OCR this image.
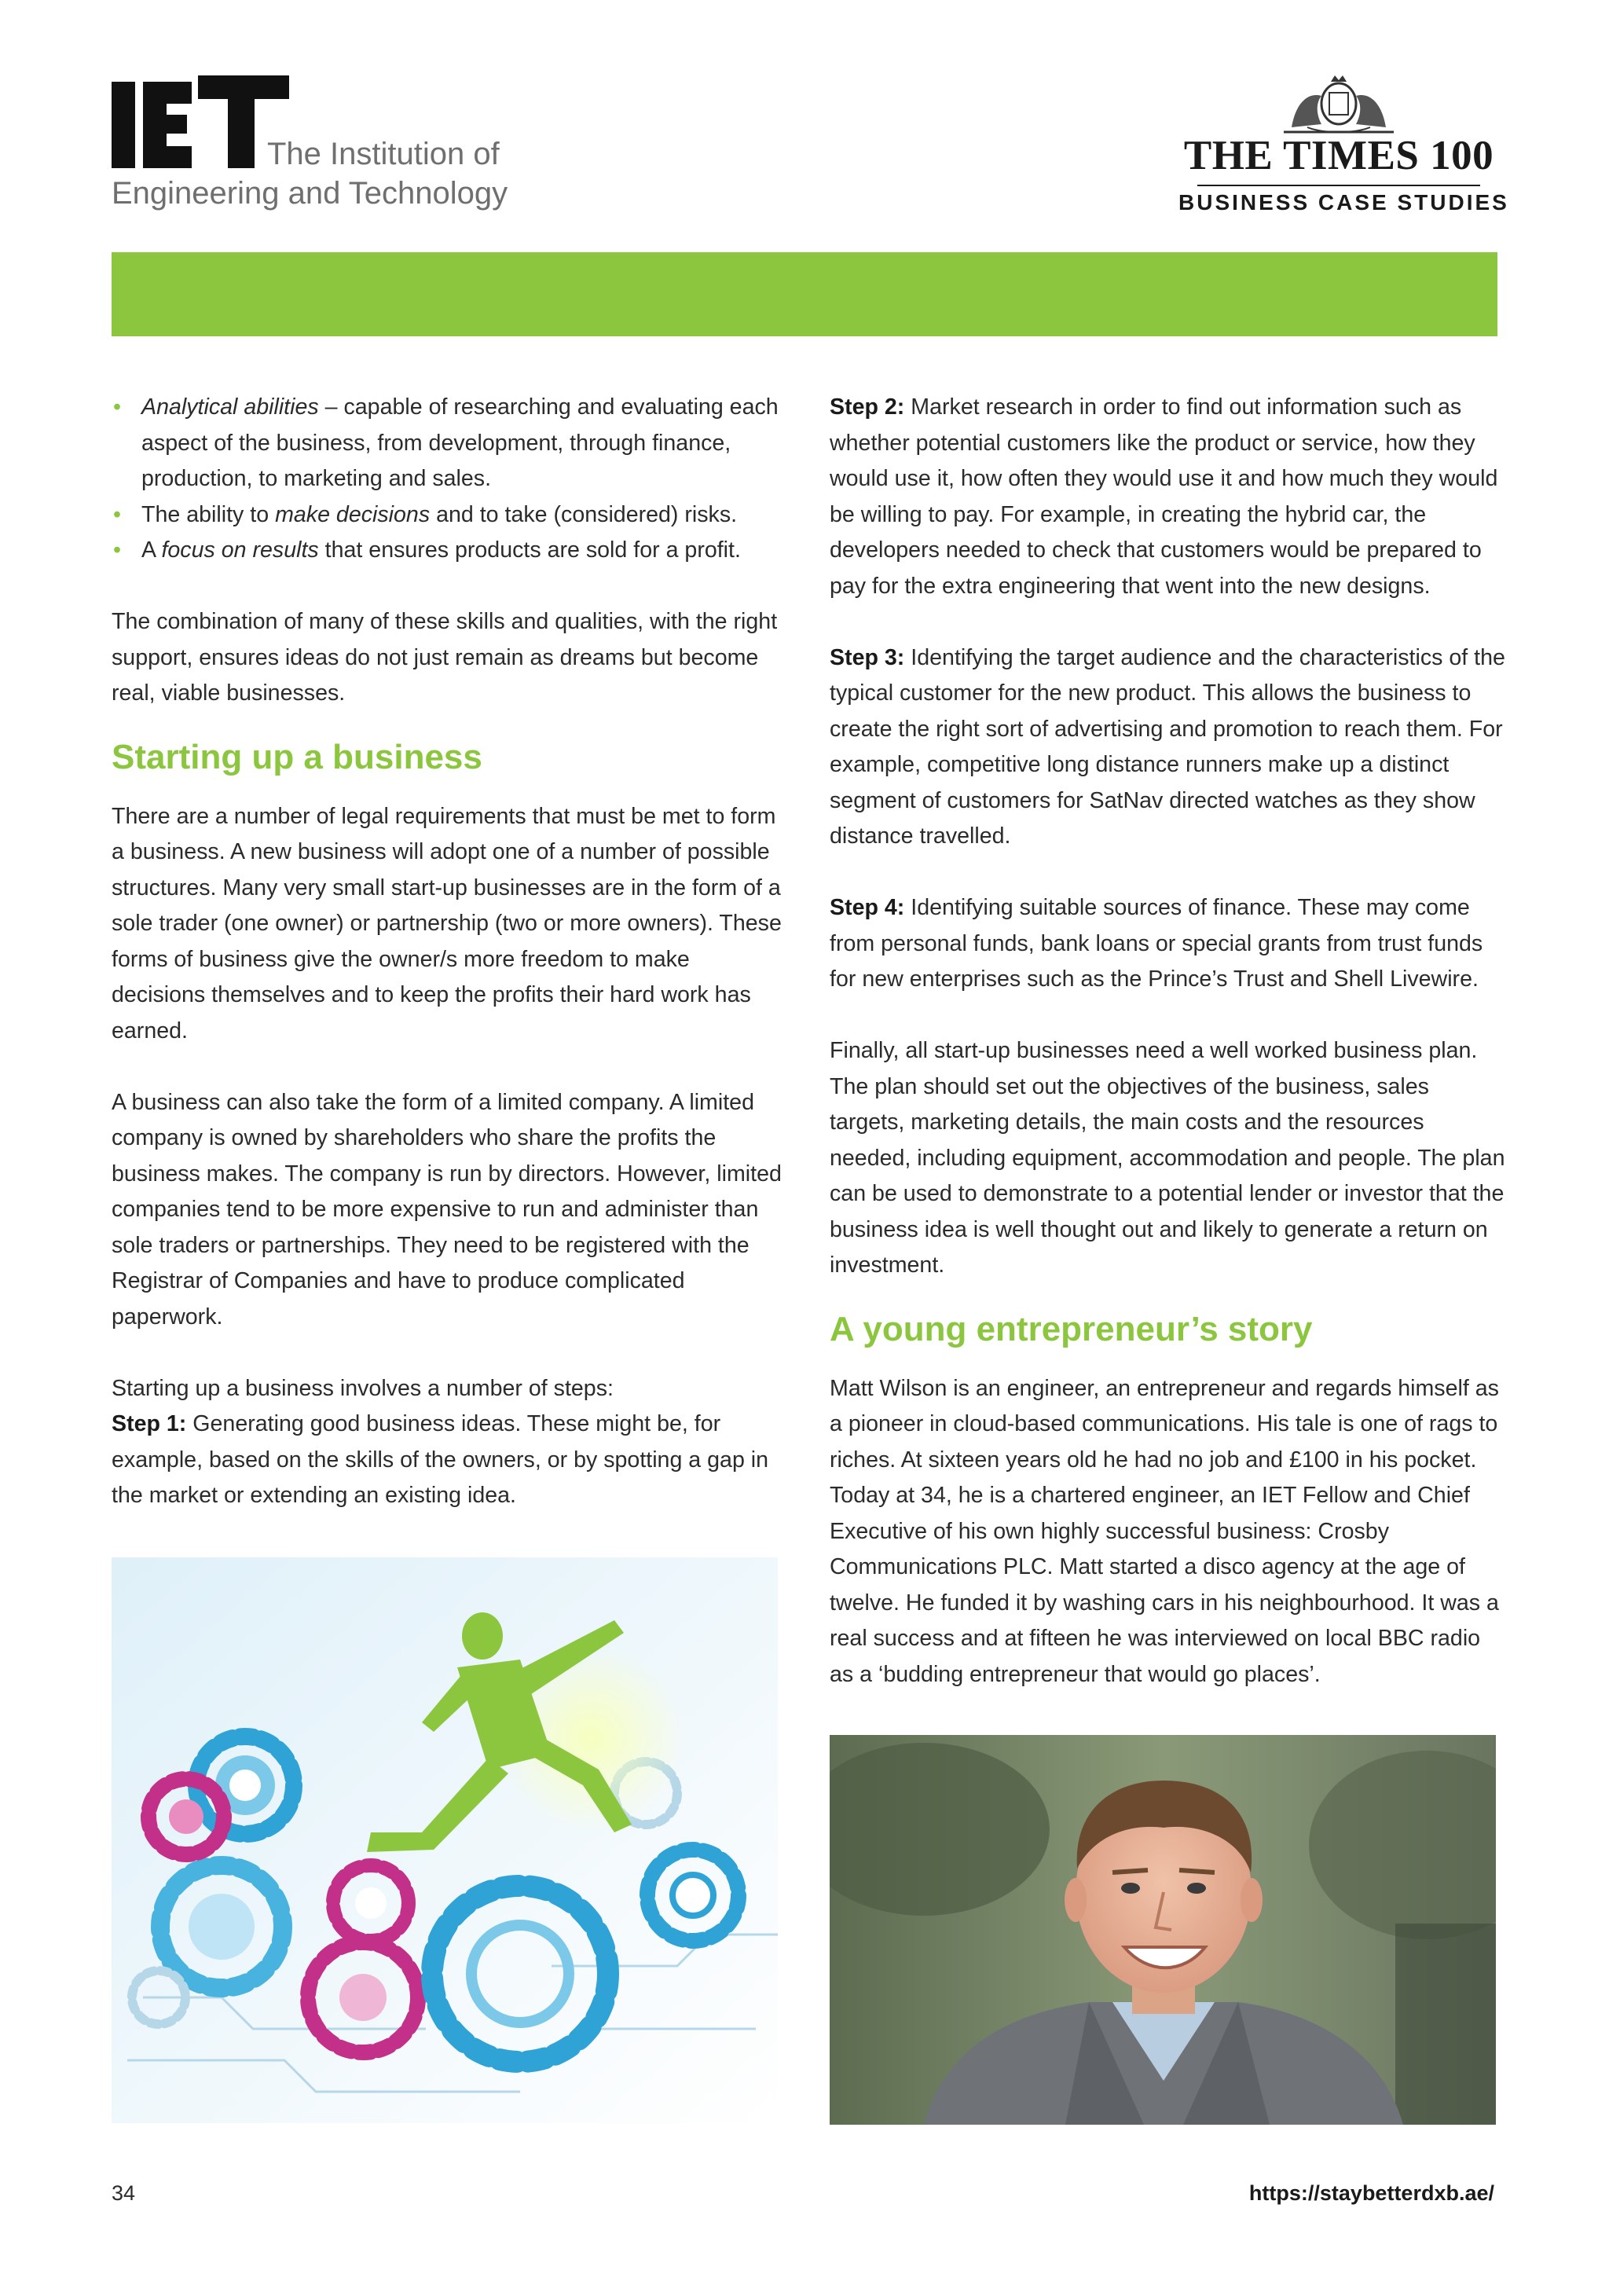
The Institution of
Engineering and Technology
THE TIMES 100
BUSINESS CASE STUDIES
• Analytical abilities – capable of researching and evaluating each aspect of the business, from development, through finance, production, to marketing and sales.
• The ability to make decisions and to take (considered) risks.
• A focus on results that ensures products are sold for a profit.

The combination of many of these skills and qualities, with the right support, ensures ideas do not just remain as dreams but become real, viable businesses.

Starting up a business

There are a number of legal requirements that must be met to form a business. A new business will adopt one of a number of possible structures. Many very small start-up businesses are in the form of a sole trader (one owner) or partnership (two or more owners). These forms of business give the owner/s more freedom to make decisions themselves and to keep the profits their hard work has earned.

A business can also take the form of a limited company. A limited company is owned by shareholders who share the profits the business makes. The company is run by directors. However, limited companies tend to be more expensive to run and administer than sole traders or partnerships. They need to be registered with the Registrar of Companies and have to produce complicated paperwork.

Starting up a business involves a number of steps:

Step 1: Generating good business ideas. These might be, for example, based on the skills of the owners, or by spotting a gap in the market or extending an existing idea.

Step 2: Market research in order to find out information such as whether potential customers like the product or service, how they would use it, how often they would use it and how much they would be willing to pay. For example, in creating the hybrid car, the developers needed to check that customers would be prepared to pay for the extra engineering that went into the new designs.

Step 3: Identifying the target audience and the characteristics of the typical customer for the new product. This allows the business to create the right sort of advertising and promotion to reach them. For example, competitive long distance runners make up a distinct segment of customers for SatNav directed watches as they show distance travelled.

Step 4: Identifying suitable sources of finance. These may come from personal funds, bank loans or special grants from trust funds for new enterprises such as the Prince’s Trust and Shell Livewire.

Finally, all start-up businesses need a well worked business plan. The plan should set out the objectives of the business, sales targets, marketing details, the main costs and the resources needed, including equipment, accommodation and people. The plan can be used to demonstrate to a potential lender or investor that the business idea is well thought out and likely to generate a return on investment.

A young entrepreneur’s story

Matt Wilson is an engineer, an entrepreneur and regards himself as a pioneer in cloud-based communications. His tale is one of rags to riches. At sixteen years old he had no job and £100 in his pocket. Today at 34, he is a chartered engineer, an IET Fellow and Chief Executive of his own highly successful business: Crosby Communications PLC. Matt started a disco agency at the age of twelve. He funded it by washing cars in his neighbourhood. It was a real success and at fifteen he was interviewed on local BBC radio as a ‘budding entrepreneur that would go places’.

34	https://staybetterdxb.ae/
